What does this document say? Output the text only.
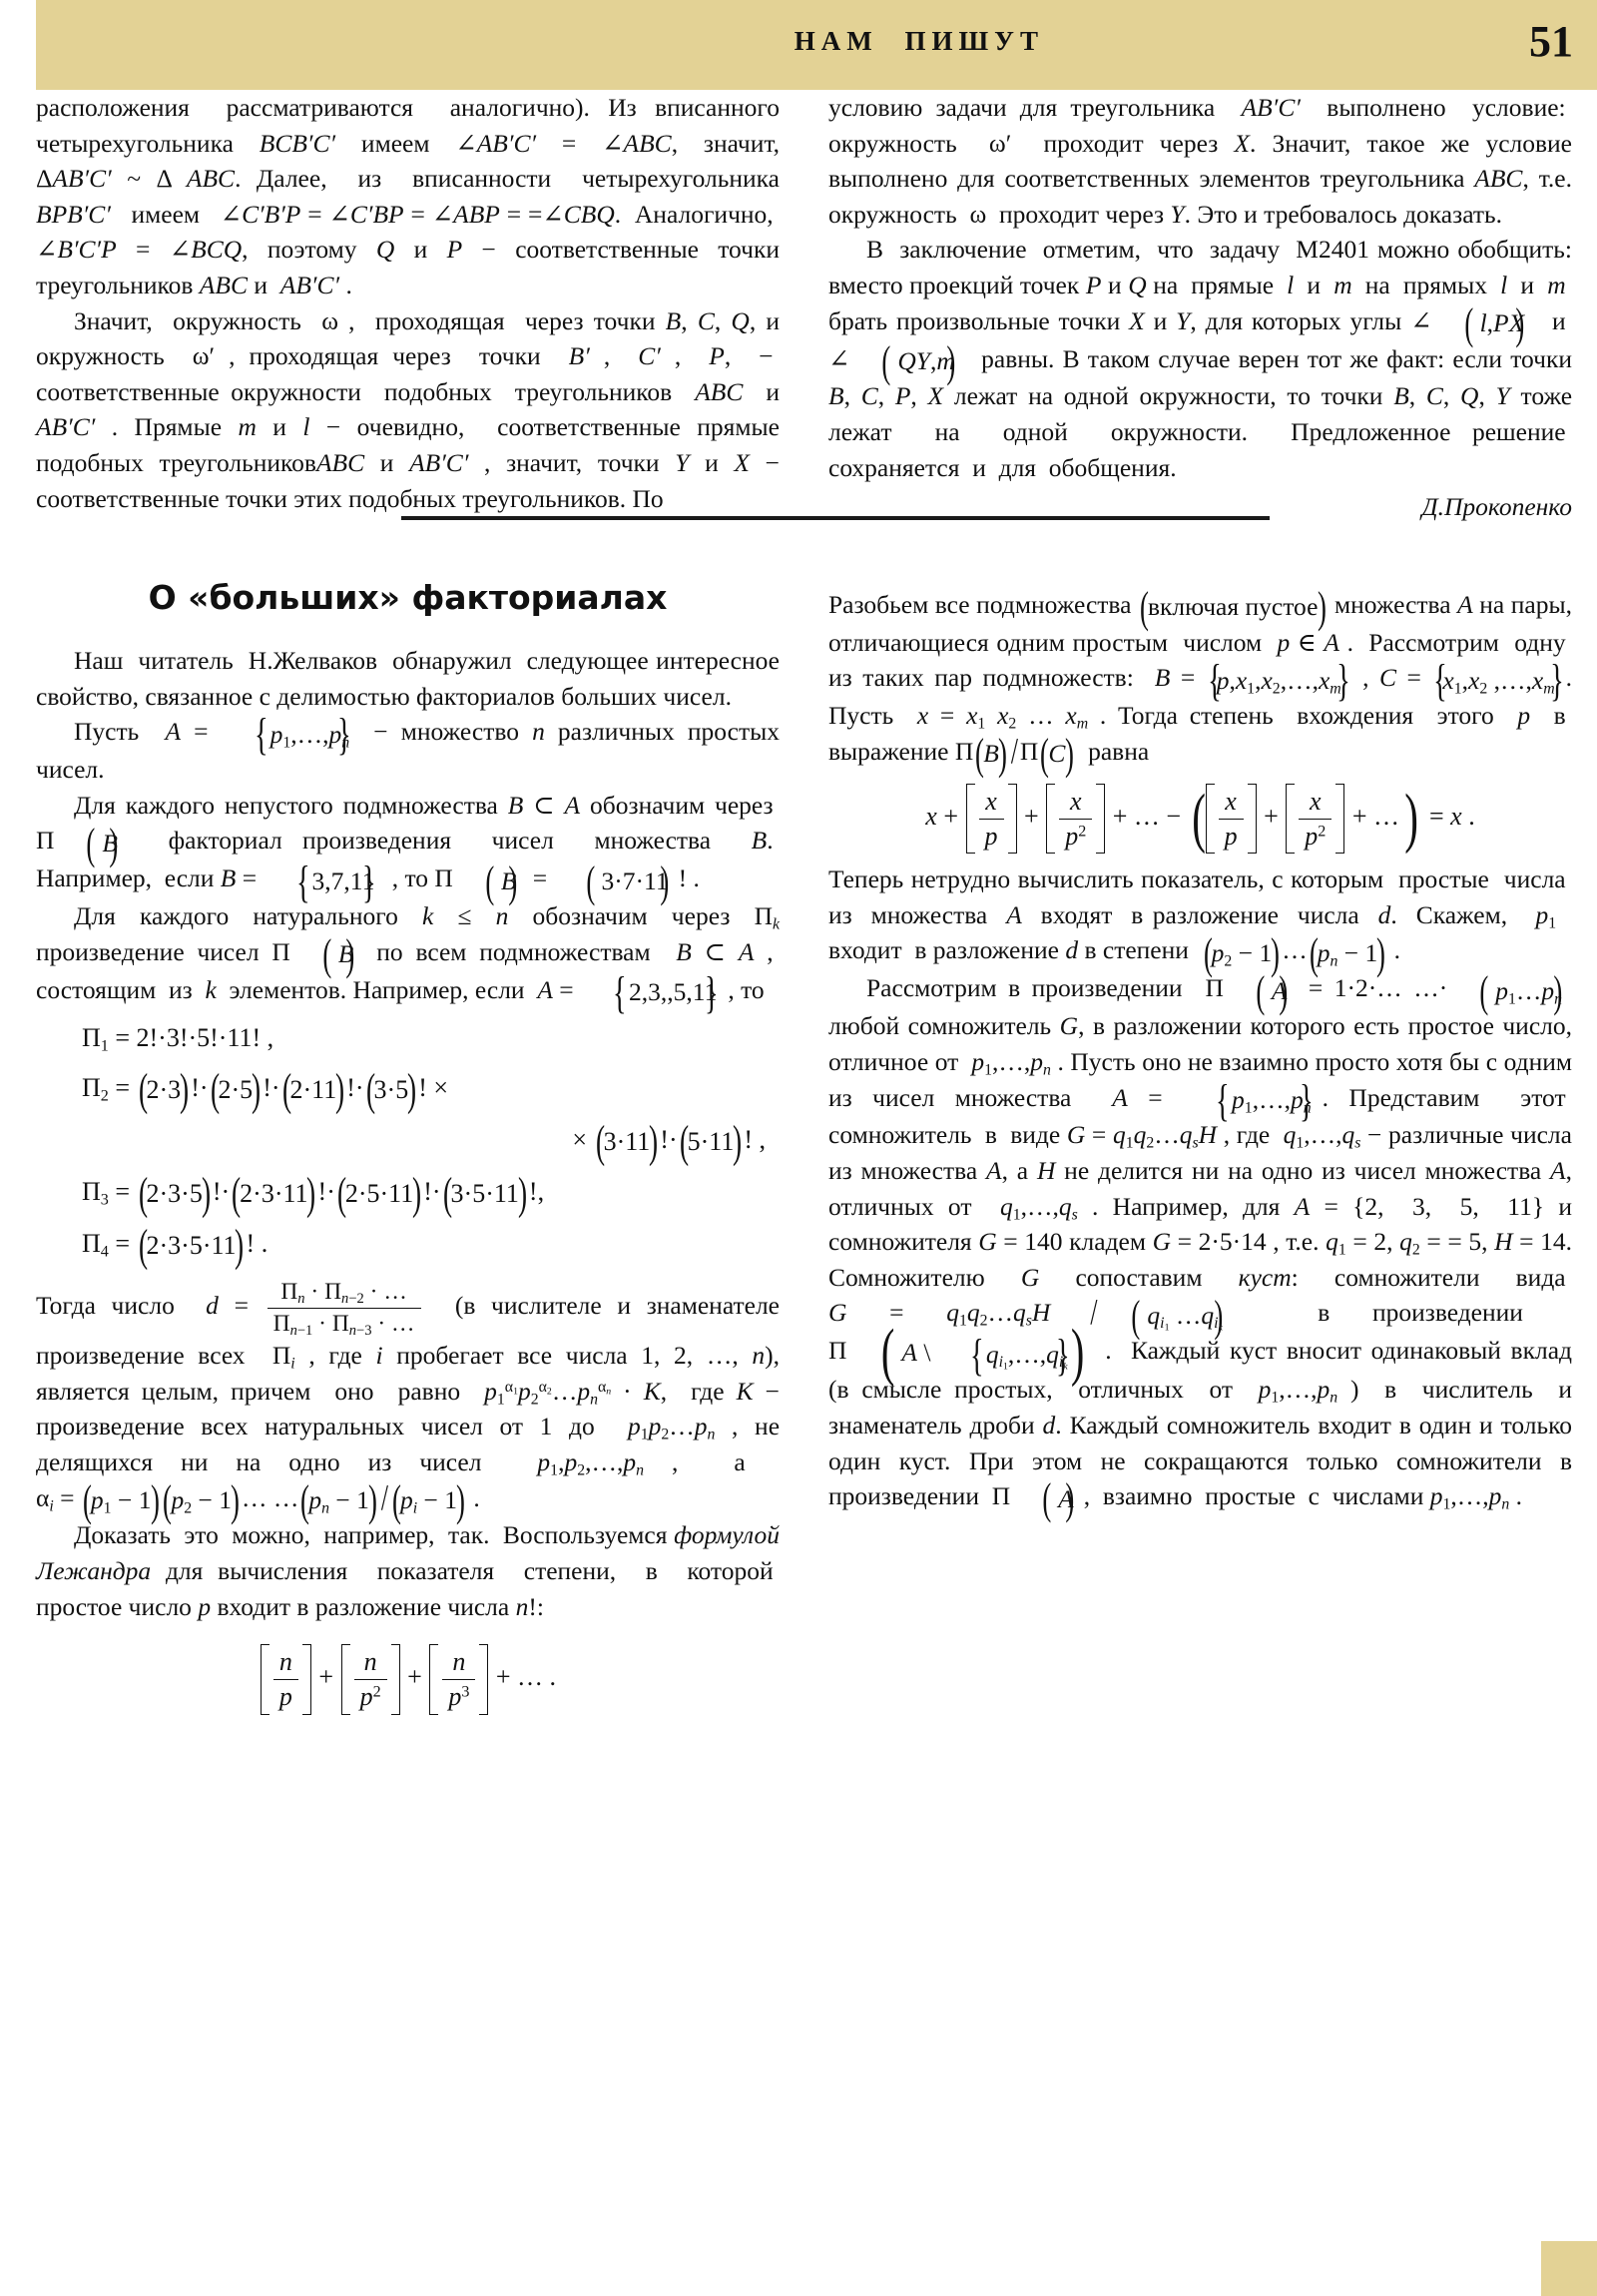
НАМ ПИШУТ	51

расположения  рассматриваются  аналогично). Из вписанного четырехугольника BCB′C′ имеем ∠AB′C′ = ∠ABC, значит, ΔAB′C′ ~ Δ ABC. Далее,  из  вписанности  четырехугольника BPB′C′   имеем   ∠C′B′P = ∠C′BP = ∠ABP = =∠CBQ.  Аналогично,  ∠B′C′P = ∠BCQ, поэтому Q и P − соответственные точки треугольников ABC и  AB′C′ .

Значит,  окружность  ω ,  проходящая  через точки B, C, Q, и окружность  ω′ , проходящая через  точки  B′ ,  C′ ,  P,  −  соответственные окружности  подобных  треугольников  ABC  и AB′C′ . Прямые m и l − очевидно,  соответственные прямые подобных треугольниковABC и AB′C′ , значит, точки Y и X − соответственные точки этих подобных треугольников. По

О «больших» факториалах

Наш  читатель  Н.Желваков  обнаружил  следующее интересное свойство, связанное с делимостью факториалов больших чисел.

Пусть  A = { $p_1,\dots,p_n$ } − множество n различных простых чисел.

Для каждого непустого подмножества B ⊂ A обозначим через  П ( B )  факториал произведения  чисел  множества  B.  Например,  если B = { 3,7,11 } , то П ( B ) = ( 3·7·11 ) ! .

Для каждого натурального k ≤ n обозначим через $П_k$ произведение чисел П ( B ) по всем подмножествам  B ⊂ A ,  состоящим  из  k  элементов. Например, если  A = { 2,3,,5,11 } , то

$П_1 = 2!\cdot 3!\cdot 5!\cdot 11$! ,
$П_2$ = ( 2·3 ) !· ( 2·5 ) !· ( 2·11 ) !· ( 3·5 ) ! ×
× ( 3·11 ) !· ( 5·11 ) ! ,
$П_3$ = ( 2·3·5 ) !· ( 2·3·11 ) !· ( 2·5·11 ) !· ( 3·5·11 ) !,
$П_4$ = ( 2·3·5·11 ) ! .

Тогда число  $d = \frac{П_n \cdot П_{n-2} \cdot \dots}{П_{n-1} \cdot П_{n-3} \cdot \dots} (в$ числителе и знаменателе произведение всех  $П_i$ , где i пробегает все числа 1, 2, …, n), является целым, причем  оно  равно  $p_1^{\alpha_1}p_2^{\alpha_2}\dots p_n^{\alpha_n} \cdot K$,  где K − произведение всех натуральных чисел от 1 до  $p_1p_2\dots p_n$ , не делящихся ни на одно из чисел  $p_1,p_2,\dots,p_n$ ,  а   $\alpha_i$ = ( $p_1 - 1$ ) ( $p_2 - 1$ ) … … ( $p_n - 1$ ) / ( $p_i - 1$ ) .

Доказать  это  можно,  например,  так.  Воспользуемся формулой Лежандра для вычисления  показателя  степени,  в  которой  простое число p входит в разложение числа n!:

$\frac{n}{p} + \frac{n}{p^2} + \frac{n}{p^3}$ + … .

условию задачи для треугольника  AB′C′  выполнено  условие:  окружность  ω′  проходит через X. Значит, такое же условие выполнено для соответственных элементов треугольника ABC, т.е. окружность  ω  проходит через Y. Это и требовалось доказать.

В  заключение  отметим,  что  задачу  М2401 можно обобщить: вместо проекций точек P и Q на  прямые  l  и  m  на  прямых  l  и  m  брать произвольные точки X и Y, для которых углы ∠ ( l,PX )  и  ∠ ( QY,m )  равны. В таком случае верен тот же факт: если точки B, C, P, X лежат на одной окружности, то точки B, C, Q, Y тоже лежат  на  одной  окружности.  Предложенное решение  сохраняется  и  для  обобщения.

Д.Прокопенко

Разобьем все подмножества ( включая пустое ) множества A на пары, отличающиеся одним простым  числом  p ∈ A .  Рассмотрим  одну  из таких пар подмножеств:  B = { $p,x_1,x_2,\dots,x_m$ } , C = { $x_1,x_2$ $,\dots,x_m$ } . Пусть  $x = x_1$ $x_2$ … $x_m$ . Тогда степень  вхождения  этого  p  в  выражение П ( B ) /П ( C )  равна

$x + \frac{x}{p} + \frac{x}{p^2}$ + … − ( $\frac{x}{p} + \frac{x}{p^2}$ + …  ) = x .

Теперь нетрудно вычислить показатель, с которым  простые  числа  из  множества  A  входят  в разложение  числа  d.  Скажем,   $p_1$   входит  в разложение d в степени  ( $p_2 - 1$ ) … ( $p_n - 1$ ) .

Рассмотрим в произведении  П ( A ) = 1·2·… …· ( $p_1\dots p_n$ ) любой сомножитель G, в разложении которого есть простое число, отличное от  $p_1,\dots,p_n$ . Пусть оно не взаимно просто хотя бы с одним из чисел множества  A = { $p_1,\dots,p_n$ } . Представим  этот  сомножитель  в  виде $G = q_1q_2\dots q_sH$ , где  $q_1,\dots,q_s$ − различные числа из множества A, а H не делится ни на одно из чисел множества A, отличных от  $q_1,\dots,q_s$ . Например, для A = {2,  3,  5,  11} и сомножителя G = 140 кладем G = 2·5·14 , т.е. $q_1 = 2$, $q_2$ = = 5, H = 14. Сомножителю G сопоставим куст: сомножители вида  $G = q_1q_2\dots q_sH$ / ( $q_{i_1}$ $\dots q_{i_k}$ )  в произведении   П ( A \ { $q_{i_1},\dots,q_{i_k}$ } ) .  Каждый куст вносит одинаковый вклад (в смысле простых,  отличных  от  $p_1,\dots,p_n$ )  в  числитель  и знаменатель дроби d. Каждый сомножитель входит в один и только один куст. При этом не сокращаются только сомножители в произведении  П ( A ) ,  взаимно  простые  с  числами $p_1,\dots,p_n$ .
